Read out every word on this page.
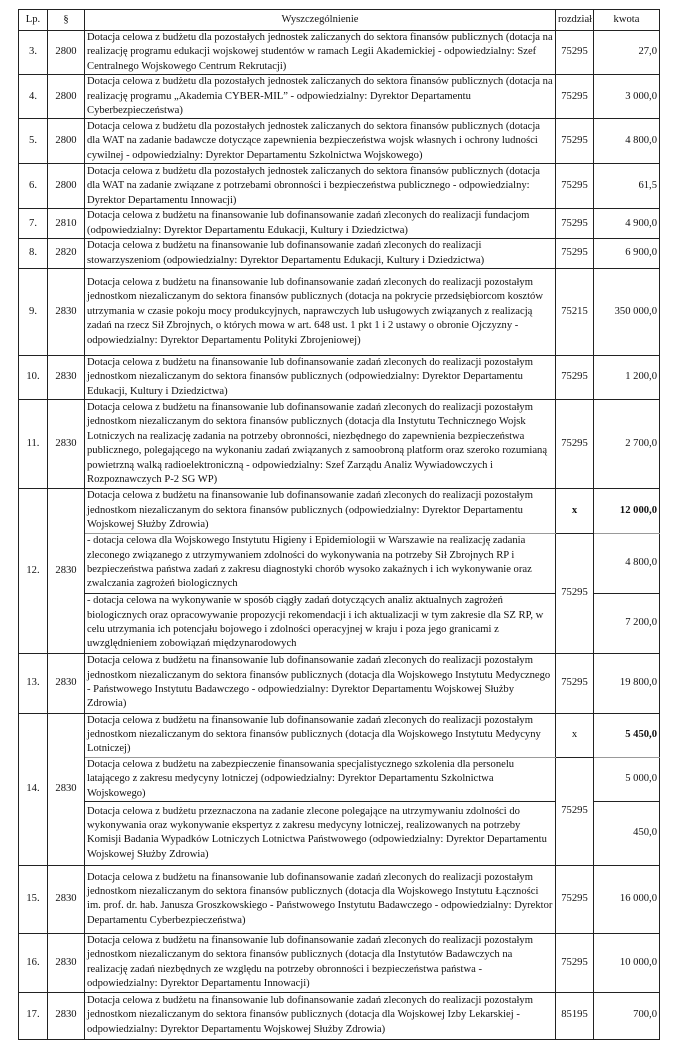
Lp.	§	Wyszczególnienie	rozdział	kwota
3.	2800	Dotacja celowa z budżetu dla pozostałych jednostek zaliczanych do sektora finansów publicznych (dotacja na realizację programu edukacji wojskowej studentów w ramach Legii Akademickiej - odpowiedzialny: Szef Centralnego Wojskowego Centrum Rekrutacji)	75295	27,0
4.	2800	Dotacja celowa z budżetu dla pozostałych jednostek zaliczanych do sektora finansów publicznych (dotacja na realizację programu „Akademia CYBER-MIL” - odpowiedzialny: Dyrektor Departamentu Cyberbezpieczeństwa)	75295	3 000,0
5.	2800	Dotacja celowa z budżetu dla pozostałych jednostek zaliczanych do sektora finansów publicznych (dotacja dla WAT na zadanie badawcze dotyczące zapewnienia bezpieczeństwa wojsk własnych i ochrony ludności cywilnej - odpowiedzialny: Dyrektor Departamentu Szkolnictwa Wojskowego)	75295	4 800,0
6.	2800	Dotacja celowa z budżetu dla pozostałych jednostek zaliczanych do sektora finansów publicznych (dotacja dla WAT na zadanie związane z potrzebami obronności i bezpieczeństwa publicznego - odpowiedzialny: Dyrektor Departamentu Innowacji)	75295	61,5
7.	2810	Dotacja celowa z budżetu na finansowanie lub dofinansowanie zadań zleconych do realizacji fundacjom (odpowiedzialny: Dyrektor Departamentu Edukacji, Kultury i Dziedzictwa)	75295	4 900,0
8.	2820	Dotacja celowa z budżetu na finansowanie lub dofinansowanie zadań zleconych do realizacji stowarzyszeniom (odpowiedzialny: Dyrektor Departamentu Edukacji, Kultury i Dziedzictwa)	75295	6 900,0
9.	2830	Dotacja celowa z budżetu na finansowanie lub dofinansowanie zadań zleconych do realizacji pozostałym jednostkom niezaliczanym do sektora finansów publicznych (dotacja na pokrycie przedsiębiorcom kosztów utrzymania w czasie pokoju mocy produkcyjnych, naprawczych lub usługowych związanych z realizacją zadań na rzecz Sił Zbrojnych, o których mowa w art. 648 ust. 1 pkt 1 i 2 ustawy o obronie Ojczyzny - odpowiedzialny: Dyrektor Departamentu Polityki Zbrojeniowej)	75215	350 000,0
10.	2830	Dotacja celowa z budżetu na finansowanie lub dofinansowanie zadań zleconych do realizacji pozostałym jednostkom niezaliczanym do sektora finansów publicznych (odpowiedzialny: Dyrektor Departamentu Edukacji, Kultury i Dziedzictwa)	75295	1 200,0
11.	2830	Dotacja celowa z budżetu na finansowanie lub dofinansowanie zadań zleconych do realizacji pozostałym jednostkom niezaliczanym do sektora finansów publicznych (dotacja dla Instytutu Technicznego Wojsk Lotniczych na realizację zadania na potrzeby obronności, niezbędnego do zapewnienia bezpieczeństwa publicznego, polegającego na wykonaniu zadań związanych z samoobroną platform oraz szeroko rozumianą powietrzną walką radioelektroniczną - odpowiedzialny: Szef Zarządu Analiz Wywiadowczych i Rozpoznawczych P-2 SG WP)	75295	2 700,0
12.	2830	Dotacja celowa z budżetu na finansowanie lub dofinansowanie zadań zleconych do realizacji pozostałym jednostkom niezaliczanym do sektora finansów publicznych (odpowiedzialny: Dyrektor Departamentu Wojskowej Służby Zdrowia)	x	12 000,0
		- dotacja celowa dla Wojskowego Instytutu Higieny i Epidemiologii w Warszawie na realizację zadania zleconego związanego z utrzymywaniem zdolności do wykonywania na potrzeby Sił Zbrojnych RP i bezpieczeństwa państwa zadań z zakresu diagnostyki chorób wysoko zakaźnych i ich wykonywanie oraz zwalczania zagrożeń biologicznych	75295	4 800,0
		- dotacja celowa na wykonywanie w sposób ciągły zadań dotyczących analiz aktualnych zagrożeń biologicznych oraz opracowywanie propozycji rekomendacji i ich aktualizacji w tym zakresie dla SZ RP, w celu utrzymania ich potencjału bojowego i zdolności operacyjnej w kraju i poza jego granicami z uwzględnieniem zobowiązań międzynarodowych		7 200,0
13.	2830	Dotacja celowa z budżetu na finansowanie lub dofinansowanie zadań zleconych do realizacji pozostałym jednostkom niezaliczanym do sektora finansów publicznych (dotacja dla Wojskowego Instytutu Medycznego - Państwowego Instytutu Badawczego - odpowiedzialny: Dyrektor Departamentu Wojskowej Służby Zdrowia)	75295	19 800,0
14.	2830	Dotacja celowa z budżetu na finansowanie lub dofinansowanie zadań zleconych do realizacji pozostałym jednostkom niezaliczanym do sektora finansów publicznych (dotacja dla Wojskowego Instytutu Medycyny Lotniczej)	x	5 450,0
		Dotacja celowa z budżetu na zabezpieczenie finansowania specjalistycznego szkolenia dla personelu latającego z zakresu medycyny lotniczej (odpowiedzialny: Dyrektor Departamentu Szkolnictwa Wojskowego)	75295	5 000,0
		Dotacja celowa z budżetu przeznaczona na zadanie zlecone polegające na utrzymywaniu zdolności do wykonywania oraz wykonywanie ekspertyz z zakresu medycyny lotniczej, realizowanych na potrzeby Komisji Badania Wypadków Lotniczych Lotnictwa Państwowego (odpowiedzialny: Dyrektor Departamentu Wojskowej Służby Zdrowia)		450,0
15.	2830	Dotacja celowa z budżetu na finansowanie lub dofinansowanie zadań zleconych do realizacji pozostałym jednostkom niezaliczanym do sektora finansów publicznych (dotacja dla Wojskowego Instytutu Łączności im. prof. dr. hab. Janusza Groszkowskiego - Państwowego Instytutu Badawczego - odpowiedzialny: Dyrektor Departamentu Cyberbezpieczeństwa)	75295	16 000,0
16.	2830	Dotacja celowa z budżetu na finansowanie lub dofinansowanie zadań zleconych do realizacji pozostałym jednostkom niezaliczanym do sektora finansów publicznych (dotacja dla Instytutów Badawczych na realizację zadań niezbędnych ze względu na potrzeby obronności i bezpieczeństwa państwa - odpowiedzialny: Dyrektor Departamentu Innowacji)	75295	10 000,0
17.	2830	Dotacja celowa z budżetu na finansowanie lub dofinansowanie zadań zleconych do realizacji pozostałym jednostkom niezaliczanym do sektora finansów publicznych (dotacja dla Wojskowej Izby Lekarskiej - odpowiedzialny: Dyrektor Departamentu Wojskowej Służby Zdrowia)	85195	700,0
